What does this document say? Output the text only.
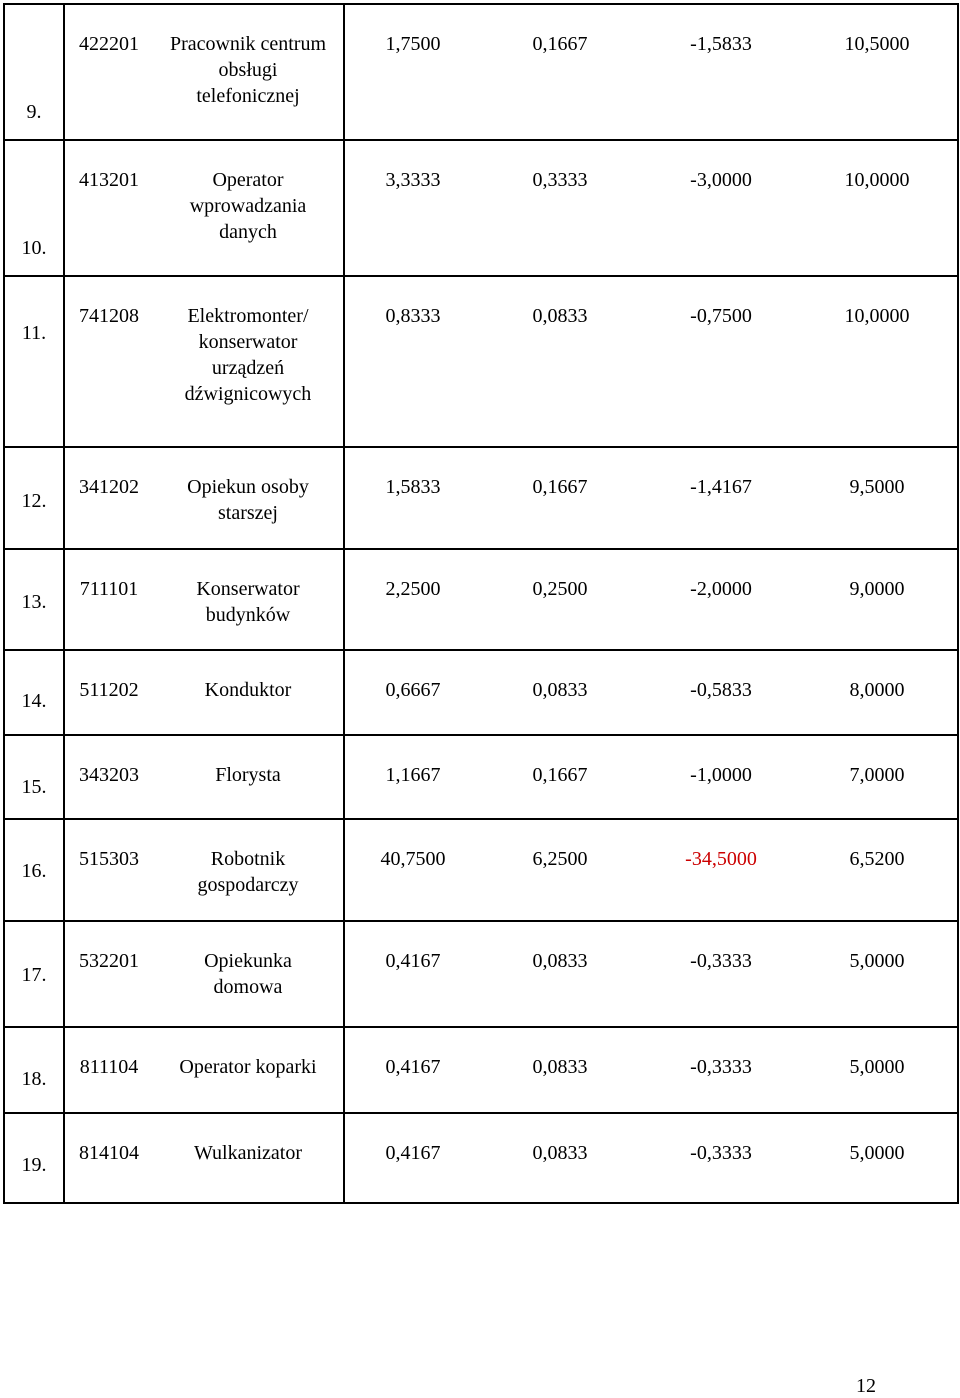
9.	422201 Pracownik centrum obsługi telefonicznej	1,7500 0,1667 -1,5833 10,5000

10.	413201 Operator wprowadzania danych	3,3333 0,3333 -3,0000 10,0000

11.	741208 Elektromonter/ konserwator urządzeń dźwignicowych	0,8333 0,0833 -0,7500 10,0000

12.	341202 Opiekun osoby starszej	1,5833 0,1667 -1,4167 9,5000

13.	711101 Konserwator budynków	2,2500 0,2500 -2,0000 9,0000

14.	511202 Konduktor	0,6667 0,0833 -0,5833 8,0000

15.	343203 Florysta	1,1667 0,1667 -1,0000 7,0000

16.	515303 Robotnik gospodarczy	40,7500 6,2500 -34,5000 6,5200

17.	532201 Opiekunka domowa	0,4167 0,0833 -0,3333 5,0000

18.	811104 Operator koparki	0,4167 0,0833 -0,3333 5,0000

19.	814104 Wulkanizator	0,4167 0,0833 -0,3333 5,0000
12
